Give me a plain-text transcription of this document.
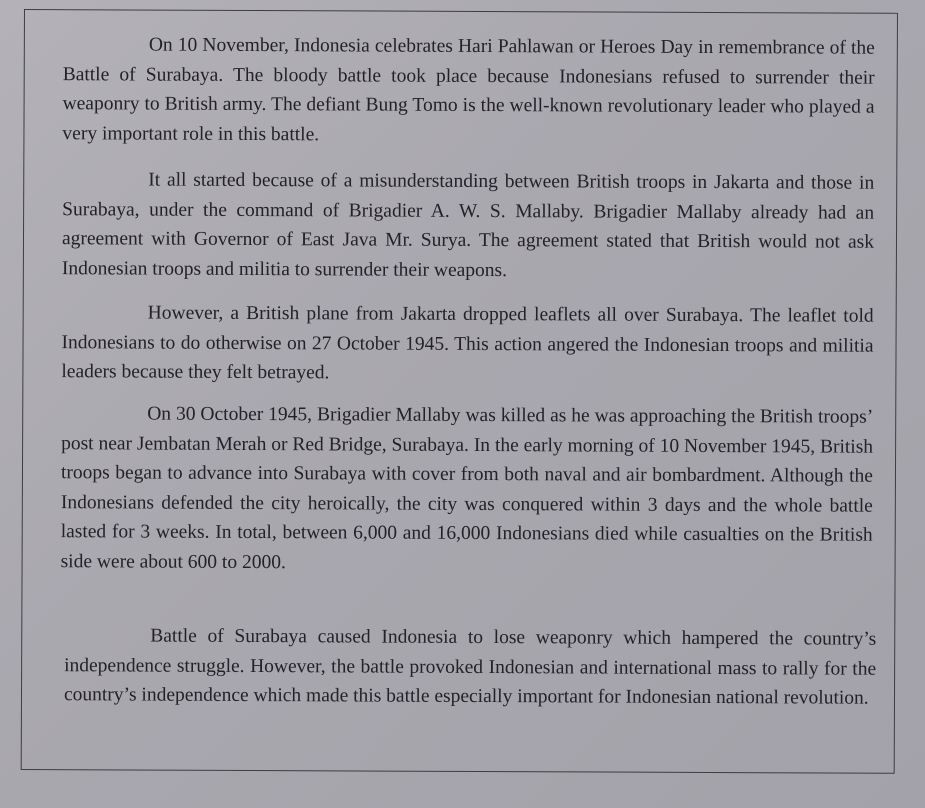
On 10 November, Indonesia celebrates Hari Pahlawan or Heroes Day in remembrance of the Battle of Surabaya. The bloody battle took place because Indonesians refused to surrender their weaponry to British army. The defiant Bung Tomo is the well-known revolutionary leader who played a very important role in this battle.

It all started because of a misunderstanding between British troops in Jakarta and those in Surabaya, under the command of Brigadier A. W. S. Mallaby. Brigadier Mallaby already had an agreement with Governor of East Java Mr. Surya. The agreement stated that British would not ask Indonesian troops and militia to surrender their weapons.

However, a British plane from Jakarta dropped leaflets all over Surabaya. The leaflet told Indonesians to do otherwise on 27 October 1945. This action angered the Indonesian troops and militia leaders because they felt betrayed.

On 30 October 1945, Brigadier Mallaby was killed as he was approaching the British troops’ post near Jembatan Merah or Red Bridge, Surabaya. In the early morning of 10 November 1945, British troops began to advance into Surabaya with cover from both naval and air bombardment. Although the Indonesians defended the city heroically, the city was conquered within 3 days and the whole battle lasted for 3 weeks. In total, between 6,000 and 16,000 Indonesians died while casualties on the British side were about 600 to 2000.

Battle of Surabaya caused Indonesia to lose weaponry which hampered the country’s independence struggle. However, the battle provoked Indonesian and international mass to rally for the country’s independence which made this battle especially important for Indonesian national revolution.
